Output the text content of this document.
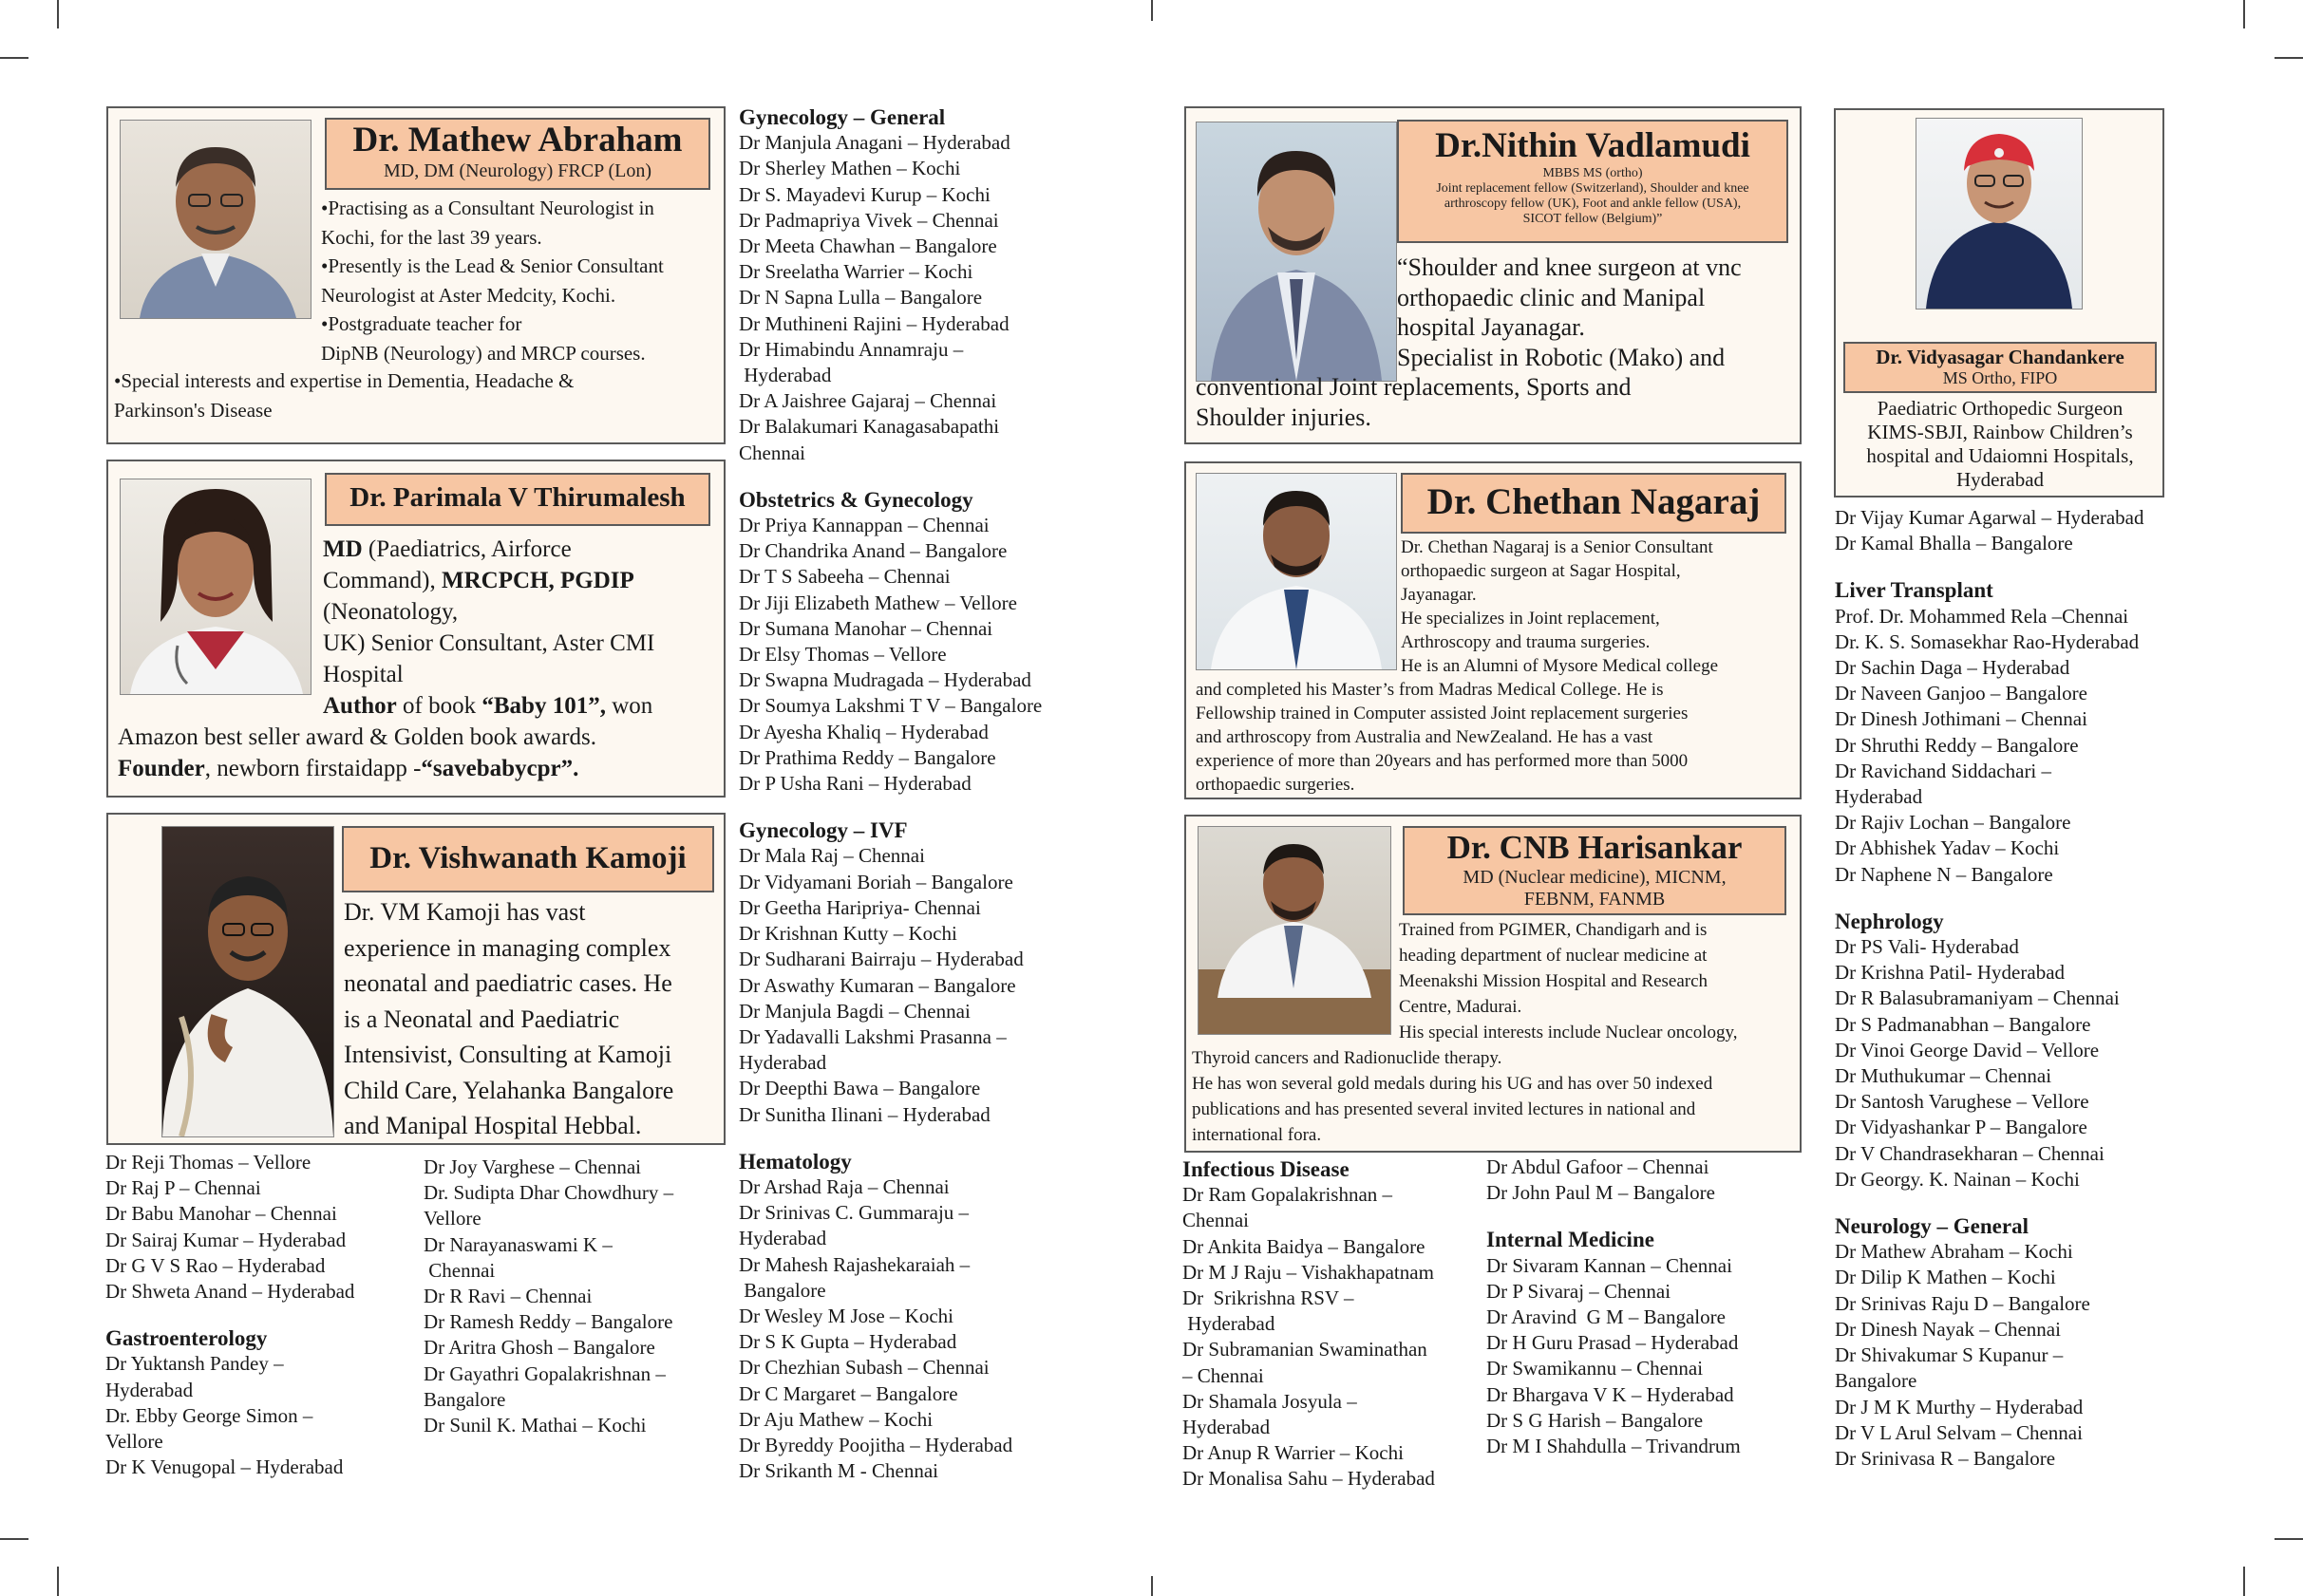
Dr. Mathew Abraham
MD, DM (Neurology) FRCP (Lon)

•Practising as a Consultant Neurologist in

Kochi, for the last 39 years.

•Presently is the Lead & Senior Consultant

Neurologist at Aster Medcity, Kochi.

•Postgraduate teacher for

DipNB (Neurology) and MRCP courses.

•Special interests and expertise in Dementia, Headache &

Parkinson's Disease

Dr. Parimala V Thirumalesh

MD (Paediatrics, Airforce

Command), MRCPCH, PGDIP

(Neonatology,

UK) Senior Consultant, Aster CMI

Hospital

Author of book “Baby 101”, won

Amazon best seller award & Golden book awards.

Founder, newborn firstaidapp -“savebabycpr”.

Dr. Vishwanath Kamoji

Dr. VM Kamoji has vast

experience in managing complex

neonatal and paediatric cases. He

is a Neonatal and Paediatric

Intensivist, Consulting at Kamoji

Child Care, Yelahanka Bangalore

and Manipal Hospital Hebbal.

Dr Reji Thomas – Vellore
Dr Raj P – Chennai
Dr Babu Manohar – Chennai
Dr Sairaj Kumar – Hyderabad
Dr G V S Rao – Hyderabad
Dr Shweta Anand – Hyderabad
Gastroenterology
Dr Yuktansh Pandey –
Hyderabad
Dr. Ebby George Simon –
Vellore
Dr K Venugopal – Hyderabad
Dr Joy Varghese – Chennai
Dr. Sudipta Dhar Chowdhury –
Vellore
Dr Narayanaswami K –
Chennai
Dr R Ravi – Chennai
Dr Ramesh Reddy – Bangalore
Dr Aritra Ghosh – Bangalore
Dr Gayathri Gopalakrishnan –
Bangalore
Dr Sunil K. Mathai – Kochi
Gynecology – General
Dr Manjula Anagani – Hyderabad
Dr Sherley Mathen – Kochi
Dr S. Mayadevi Kurup – Kochi
Dr Padmapriya Vivek – Chennai
Dr Meeta Chawhan – Bangalore
Dr Sreelatha Warrier – Kochi
Dr N Sapna Lulla – Bangalore
Dr Muthineni Rajini – Hyderabad
Dr Himabindu Annamraju –
Hyderabad
Dr A Jaishree Gajaraj – Chennai
Dr Balakumari Kanagasabapathi
Chennai
Obstetrics & Gynecology
Dr Priya Kannappan – Chennai
Dr Chandrika Anand – Bangalore
Dr T S Sabeeha – Chennai
Dr Jiji Elizabeth Mathew – Vellore
Dr Sumana Manohar – Chennai
Dr Elsy Thomas – Vellore
Dr Swapna Mudragada – Hyderabad
Dr Soumya Lakshmi T V – Bangalore
Dr Ayesha Khaliq – Hyderabad
Dr Prathima Reddy – Bangalore
Dr P Usha Rani – Hyderabad
Gynecology – IVF
Dr Mala Raj – Chennai
Dr Vidyamani Boriah – Bangalore
Dr Geetha Haripriya- Chennai
Dr Krishnan Kutty – Kochi
Dr Sudharani Bairraju – Hyderabad
Dr Aswathy Kumaran – Bangalore
Dr Manjula Bagdi – Chennai
Dr Yadavalli Lakshmi Prasanna –
Hyderabad
Dr Deepthi Bawa – Bangalore
Dr Sunitha Ilinani – Hyderabad
Hematology
Dr Arshad Raja – Chennai
Dr Srinivas C. Gummaraju –
Hyderabad
Dr Mahesh Rajashekaraiah –
Bangalore
Dr Wesley M Jose – Kochi
Dr S K Gupta – Hyderabad
Dr Chezhian Subash – Chennai
Dr C Margaret – Bangalore
Dr Aju Mathew – Kochi
Dr Byreddy Poojitha – Hyderabad
Dr Srikanth M - Chennai
Dr.Nithin Vadlamudi
MBBS MS (ortho)
Joint replacement fellow (Switzerland), Shoulder and knee
arthroscopy fellow (UK), Foot and ankle fellow (USA),
SICOT fellow (Belgium)”

“Shoulder and knee surgeon at vnc

orthopaedic clinic and Manipal

hospital Jayanagar.

Specialist in Robotic (Mako) and

conventional Joint replacements, Sports and

Shoulder injuries.

Dr. Chethan Nagaraj

Dr. Chethan Nagaraj is a Senior Consultant

orthopaedic surgeon at Sagar Hospital,

Jayanagar.

He specializes in Joint replacement,

Arthroscopy and trauma surgeries.

He is an Alumni of Mysore Medical college

and completed his Master’s from Madras Medical College. He is

Fellowship trained in Computer assisted Joint replacement surgeries

and arthroscopy from Australia and NewZealand. He has a vast

experience of more than 20years and has performed more than 5000

orthopaedic surgeries.

Dr. CNB Harisankar
MD (Nuclear medicine), MICNM,
FEBNM, FANMB

Trained from PGIMER, Chandigarh and is

heading department of nuclear medicine at

Meenakshi Mission Hospital and Research

Centre, Madurai.

His special interests include Nuclear oncology,

Thyroid cancers and Radionuclide therapy.

He has won several gold medals during his UG and has over 50 indexed

publications and has presented several invited lectures in national and

international fora.

Dr. Vidyasagar Chandankere
MS Ortho, FIPO

Paediatric Orthopedic Surgeon

KIMS-SBJI, Rainbow Children’s

hospital and Udaiomni Hospitals,

Hyderabad

Infectious Disease
Dr Ram Gopalakrishnan –
Chennai
Dr Ankita Baidya – Bangalore
Dr M J Raju – Vishakhapatnam
Dr  Srikrishna RSV –
Hyderabad
Dr Subramanian Swaminathan
– Chennai
Dr Shamala Josyula –
Hyderabad
Dr Anup R Warrier – Kochi
Dr Monalisa Sahu – Hyderabad
Dr Abdul Gafoor – Chennai
Dr John Paul M – Bangalore
Internal Medicine
Dr Sivaram Kannan – Chennai
Dr P Sivaraj – Chennai
Dr Aravind  G M – Bangalore
Dr H Guru Prasad – Hyderabad
Dr Swamikannu – Chennai
Dr Bhargava V K – Hyderabad
Dr S G Harish – Bangalore
Dr M I Shahdulla – Trivandrum
Dr Vijay Kumar Agarwal – Hyderabad
Dr Kamal Bhalla – Bangalore
Liver Transplant
Prof. Dr. Mohammed Rela –Chennai
Dr. K. S. Somasekhar Rao-Hyderabad
Dr Sachin Daga – Hyderabad
Dr Naveen Ganjoo – Bangalore
Dr Dinesh Jothimani – Chennai
Dr Shruthi Reddy – Bangalore
Dr Ravichand Siddachari –
Hyderabad
Dr Rajiv Lochan – Bangalore
Dr Abhishek Yadav – Kochi
Dr Naphene N – Bangalore
Nephrology
Dr PS Vali- Hyderabad
Dr Krishna Patil- Hyderabad
Dr R Balasubramaniyam – Chennai
Dr S Padmanabhan – Bangalore
Dr Vinoi George David – Vellore
Dr Muthukumar – Chennai
Dr Santosh Varughese – Vellore
Dr Vidyashankar P – Bangalore
Dr V Chandrasekharan – Chennai
Dr Georgy. K. Nainan – Kochi
Neurology – General
Dr Mathew Abraham – Kochi
Dr Dilip K Mathen – Kochi
Dr Srinivas Raju D – Bangalore
Dr Dinesh Nayak – Chennai
Dr Shivakumar S Kupanur –
Bangalore
Dr J M K Murthy – Hyderabad
Dr V L Arul Selvam – Chennai
Dr Srinivasa R – Bangalore
